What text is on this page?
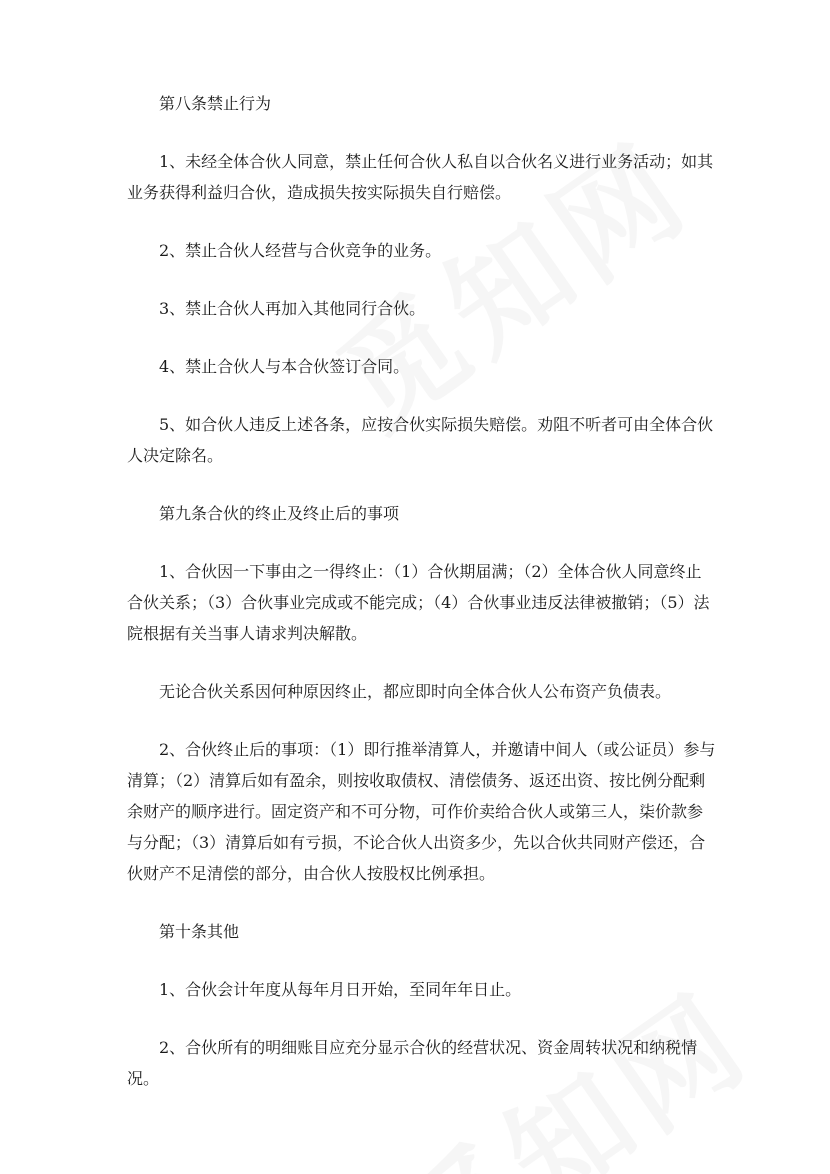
第八条禁止行为

1、未经全体合伙人同意，禁止任何合伙人私自以合伙名义进行业务活动；如其业务获得利益归合伙，造成损失按实际损失自行赔偿。

2、禁止合伙人经营与合伙竞争的业务。

3、禁止合伙人再加入其他同行合伙。

4、禁止合伙人与本合伙签订合同。

5、如合伙人违反上述各条，应按合伙实际损失赔偿。劝阻不听者可由全体合伙人决定除名。

第九条合伙的终止及终止后的事项

1、合伙因一下事由之一得终止：（1）合伙期届满；（2）全体合伙人同意终止合伙关系；（3）合伙事业完成或不能完成；（4）合伙事业违反法律被撤销；（5）法院根据有关当事人请求判决解散。

无论合伙关系因何种原因终止，都应即时向全体合伙人公布资产负债表。

2、合伙终止后的事项：（1）即行推举清算人，并邀请中间人（或公证员）参与清算；（2）清算后如有盈余，则按收取债权、清偿债务、返还出资、按比例分配剩余财产的顺序进行。固定资产和不可分物，可作价卖给合伙人或第三人，柒价款参与分配；（3）清算后如有亏损，不论合伙人出资多少，先以合伙共同财产偿还，合伙财产不足清偿的部分，由合伙人按股权比例承担。

第十条其他

1、合伙会计年度从每年月日开始，至同年年日止。

2、合伙所有的明细账目应充分显示合伙的经营状况、资金周转状况和纳税情况。
